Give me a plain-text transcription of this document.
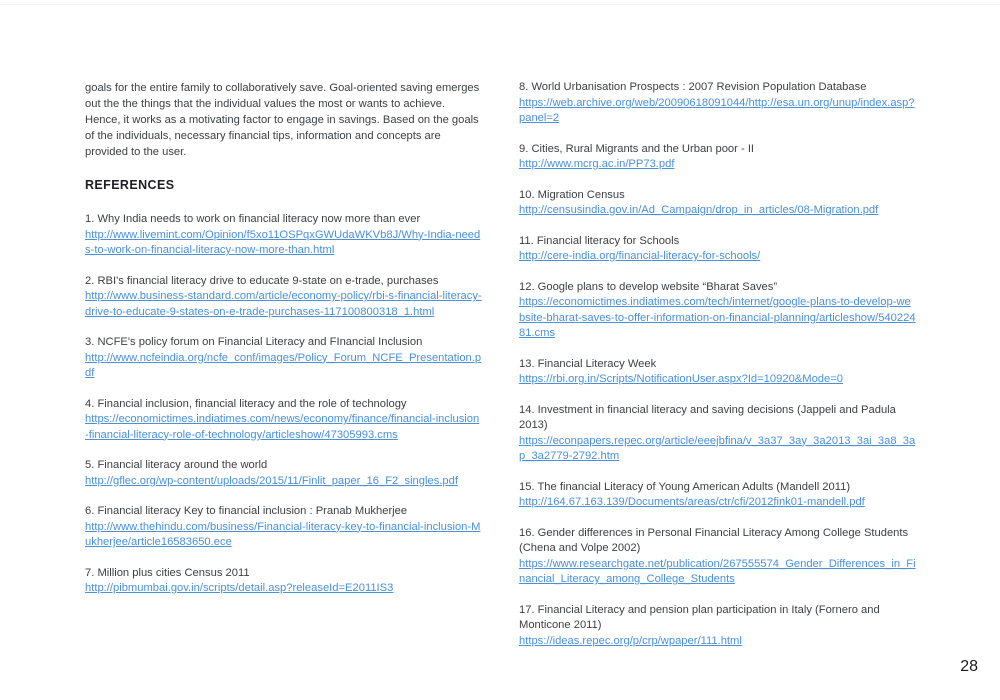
goals for the entire family to collaboratively save. Goal-oriented saving emerges out the the things that the individual values the most or wants to achieve. Hence, it works as a motivating factor to engage in savings. Based on the goals of the individuals, necessary financial tips, information and concepts are provided to the user.

REFERENCES
1. Why India needs to work on financial literacy now more than ever
http://www.livemint.com/Opinion/f5xo11OSPqxGWUdaWKVb8J/Why-India-needs-to-work-on-financial-literacy-now-more-than.html
2. RBI's financial literacy drive to educate 9-state on e-trade, purchases
http://www.business-standard.com/article/economy-policy/rbi-s-financial-literacy-drive-to-educate-9-states-on-e-trade-purchases-117100800318_1.html
3. NCFE's policy forum on Financial Literacy and FInancial Inclusion
http://www.ncfeindia.org/ncfe_conf/images/Policy_Forum_NCFE_Presentation.pdf
4. Financial inclusion, financial literacy and the role of technology
https://economictimes.indiatimes.com/news/economy/finance/financial-inclusion-financial-literacy-role-of-technology/articleshow/47305993.cms
5. Financial literacy around the world
http://gflec.org/wp-content/uploads/2015/11/Finlit_paper_16_F2_singles.pdf
6. Financial literacy Key to financial inclusion : Pranab Mukherjee
http://www.thehindu.com/business/Financial-literacy-key-to-financial-inclusion-Mukherjee/article16583650.ece
7. Million plus cities Census 2011
http://pibmumbai.gov.in/scripts/detail.asp?releaseId=E2011IS3
8. World Urbanisation Prospects : 2007 Revision Population Database
https://web.archive.org/web/20090618091044/http://esa.un.org/unup/index.asp?panel=2
9. Cities, Rural Migrants and the Urban poor - II
http://www.mcrg.ac.in/PP73.pdf
10. Migration Census
http://censusindia.gov.in/Ad_Campaign/drop_in_articles/08-Migration.pdf
11. Financial literacy for Schools
http://cere-india.org/financial-literacy-for-schools/
12. Google plans to develop website “Bharat Saves”
https://economictimes.indiatimes.com/tech/internet/google-plans-to-develop-website-bharat-saves-to-offer-information-on-financial-planning/articleshow/54022481.cms
13. Financial Literacy Week
https://rbi.org.in/Scripts/NotificationUser.aspx?Id=10920&Mode=0
14. Investment in financial literacy and saving decisions (Jappeli and Padula 2013)
https://econpapers.repec.org/article/eeejbfina/v_3a37_3ay_3a2013_3ai_3a8_3ap_3a2779-2792.htm
15. The financial Literacy of Young American Adults (Mandell 2011)
http://164.67.163.139/Documents/areas/ctr/cfi/2012fink01-mandell.pdf
16. Gender differences in Personal Financial Literacy Among College Students (Chena and Volpe 2002)
https://www.researchgate.net/publication/267555574_Gender_Differences_in_Financial_Literacy_among_College_Students
17. Financial Literacy and pension plan participation in Italy (Fornero and Monticone 2011)
https://ideas.repec.org/p/crp/wpaper/111.html
28
